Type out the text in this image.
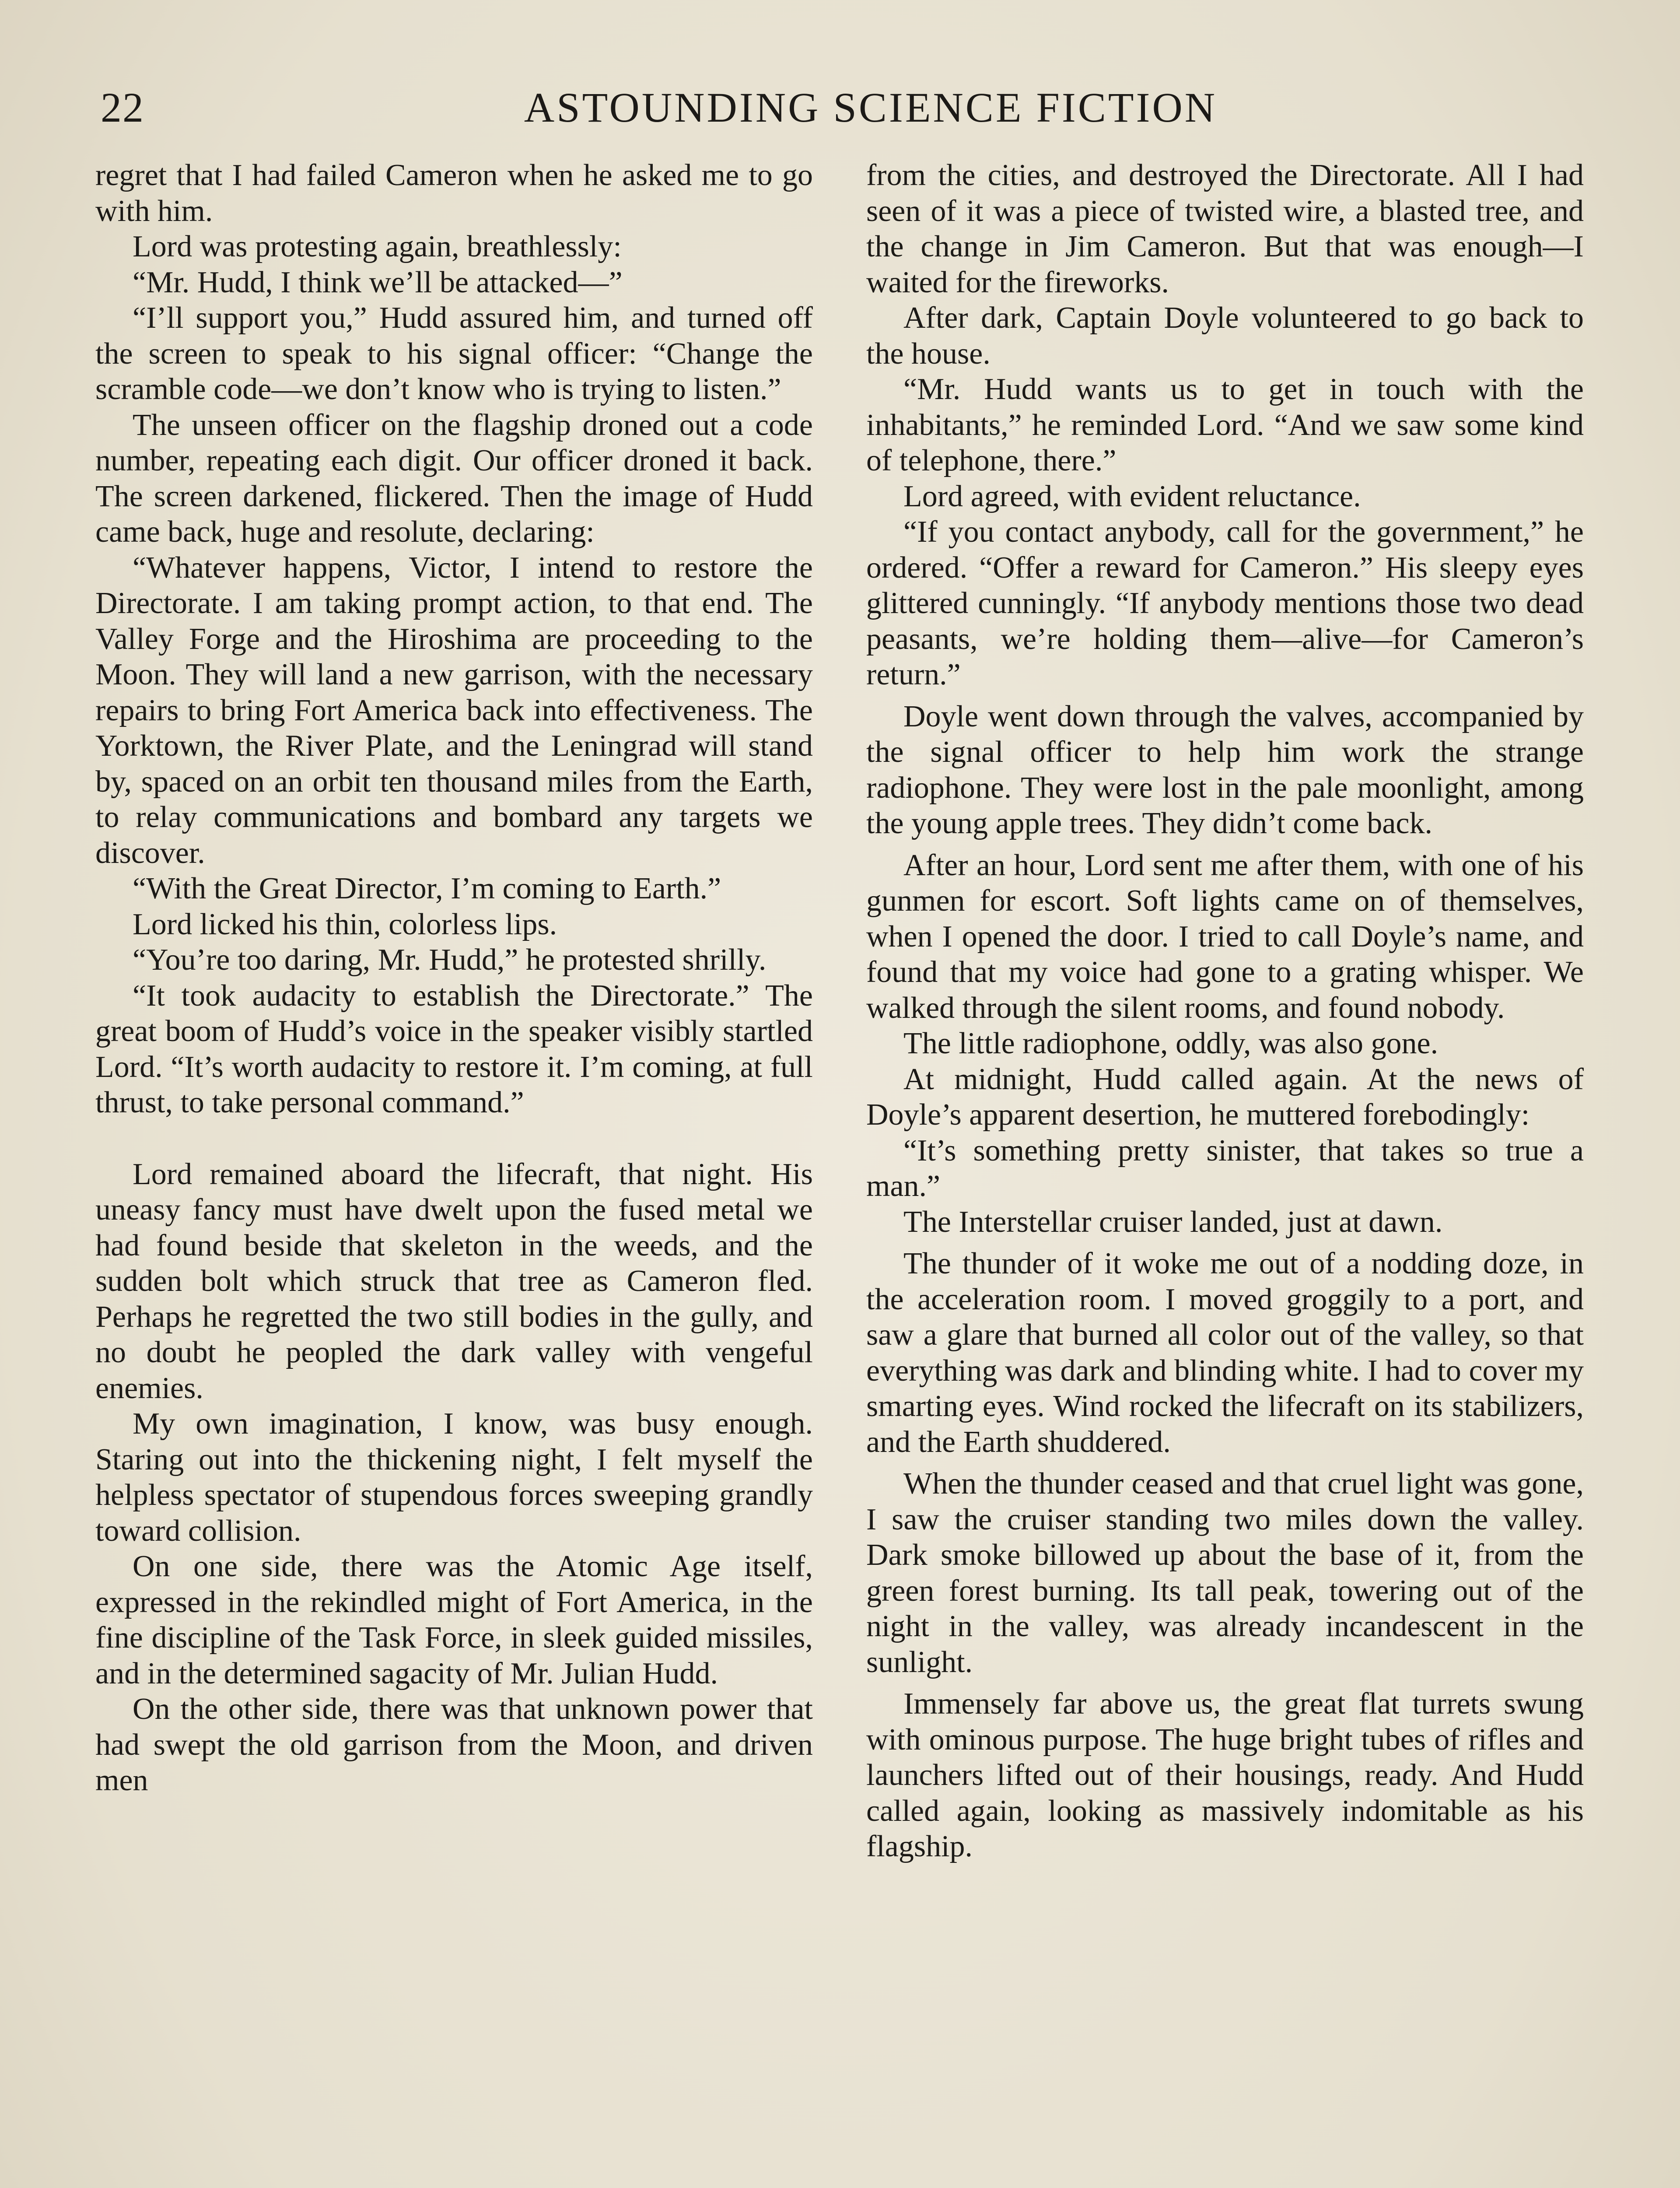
22	ASTOUNDING SCIENCE FICTION

regret that I had failed Cameron when he asked me to go with him.

Lord was protesting again, breathlessly:

“Mr. Hudd, I think we’ll be attacked—”

“I’ll support you,” Hudd assured him, and turned off the screen to speak to his signal officer: “Change the scramble code—we don’t know who is trying to listen.”

The unseen officer on the flagship droned out a code number, repeating each digit. Our officer droned it back. The screen darkened, flickered. Then the image of Hudd came back, huge and resolute, declaring:

“Whatever happens, Victor, I intend to restore the Directorate. I am taking prompt action, to that end. The Valley Forge and the Hiroshima are proceeding to the Moon. They will land a new garrison, with the necessary repairs to bring Fort America back into effectiveness. The Yorktown, the River Plate, and the Leningrad will stand by, spaced on an orbit ten thousand miles from the Earth, to relay communications and bombard any targets we discover.

“With the Great Director, I’m coming to Earth.”

Lord licked his thin, colorless lips.

“You’re too daring, Mr. Hudd,” he protested shrilly.

“It took audacity to establish the Directorate.” The great boom of Hudd’s voice in the speaker visibly startled Lord. “It’s worth audacity to restore it. I’m coming, at full thrust, to take personal command.”

Lord remained aboard the lifecraft, that night. His uneasy fancy must have dwelt upon the fused metal we had found beside that skeleton in the weeds, and the sudden bolt which struck that tree as Cameron fled. Perhaps he regretted the two still bodies in the gully, and no doubt he peopled the dark valley with vengeful enemies.

My own imagination, I know, was busy enough. Staring out into the thickening night, I felt myself the helpless spectator of stupendous forces sweeping grandly toward collision.

On one side, there was the Atomic Age itself, expressed in the rekindled might of Fort America, in the fine discipline of the Task Force, in sleek guided missiles, and in the determined sagacity of Mr. Julian Hudd.

On the other side, there was that unknown power that had swept the old garrison from the Moon, and driven men

from the cities, and destroyed the Directorate. All I had seen of it was a piece of twisted wire, a blasted tree, and the change in Jim Cameron. But that was enough—I waited for the fireworks.

After dark, Captain Doyle volunteered to go back to the house.

“Mr. Hudd wants us to get in touch with the inhabitants,” he reminded Lord. “And we saw some kind of telephone, there.”

Lord agreed, with evident reluctance.

“If you contact anybody, call for the government,” he ordered. “Offer a reward for Cameron.” His sleepy eyes glittered cunningly. “If anybody mentions those two dead peasants, we’re holding them—alive—for Cameron’s return.”

Doyle went down through the valves, accompanied by the signal officer to help him work the strange radiophone. They were lost in the pale moonlight, among the young apple trees. They didn’t come back.

After an hour, Lord sent me after them, with one of his gunmen for escort. Soft lights came on of themselves, when I opened the door. I tried to call Doyle’s name, and found that my voice had gone to a grating whisper. We walked through the silent rooms, and found nobody.

The little radiophone, oddly, was also gone.

At midnight, Hudd called again. At the news of Doyle’s apparent desertion, he muttered forebodingly:

“It’s something pretty sinister, that takes so true a man.”

The Interstellar cruiser landed, just at dawn.

The thunder of it woke me out of a nodding doze, in the acceleration room. I moved groggily to a port, and saw a glare that burned all color out of the valley, so that everything was dark and blinding white. I had to cover my smarting eyes. Wind rocked the lifecraft on its stabilizers, and the Earth shuddered.

When the thunder ceased and that cruel light was gone, I saw the cruiser standing two miles down the valley. Dark smoke billowed up about the base of it, from the green forest burning. Its tall peak, towering out of the night in the valley, was already incandescent in the sunlight.

Immensely far above us, the great flat turrets swung with ominous purpose. The huge bright tubes of rifles and launchers lifted out of their housings, ready. And Hudd called again, looking as massively indomitable as his flagship.
